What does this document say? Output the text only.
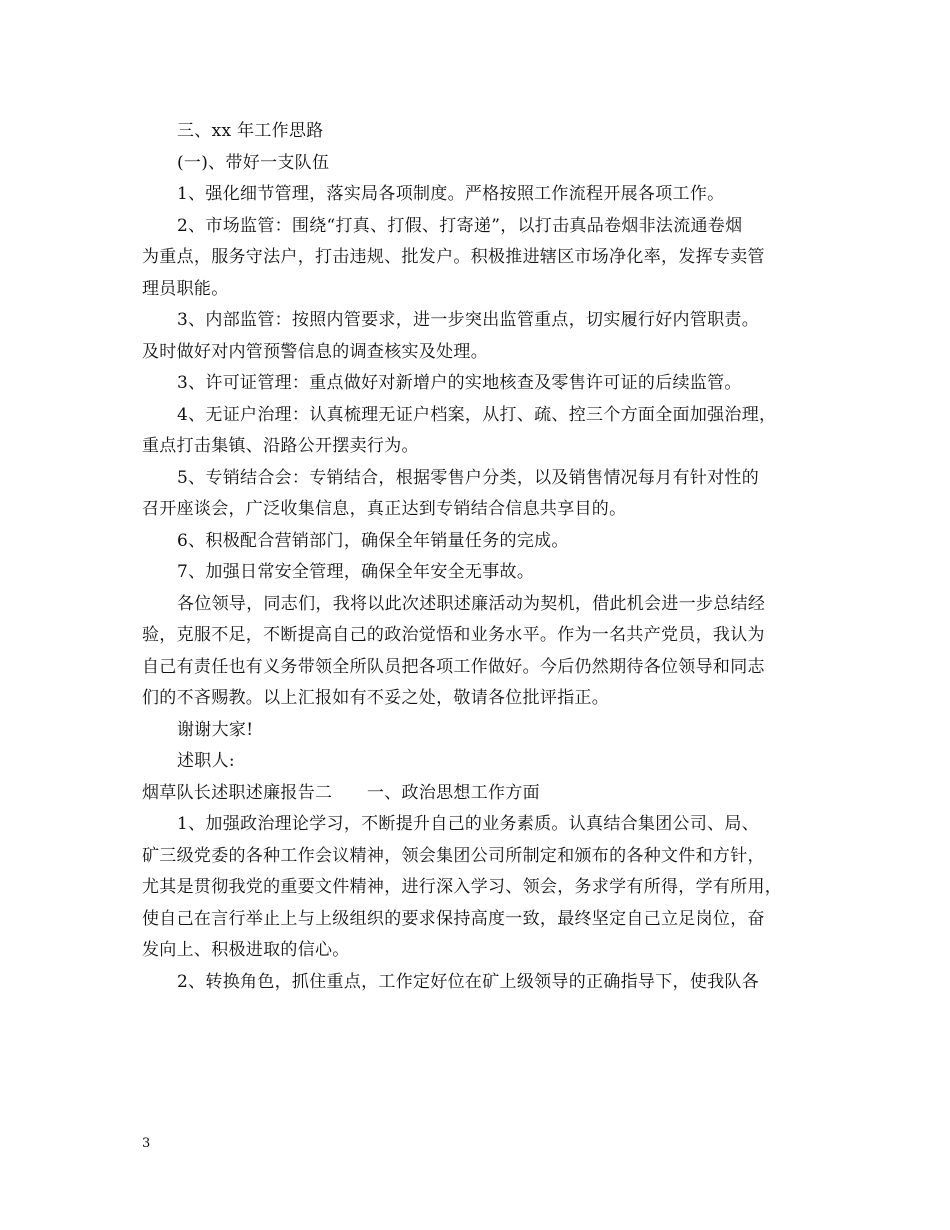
三、xx 年工作思路
(一)、带好一支队伍
1、强化细节管理，落实局各项制度。严格按照工作流程开展各项工作。
2、市场监管：围绕“打真、打假、打寄递”，以打击真品卷烟非法流通卷烟
为重点，服务守法户，打击违规、批发户。积极推进辖区市场净化率，发挥专卖管
理员职能。
3、内部监管：按照内管要求，进一步突出监管重点，切实履行好内管职责。
及时做好对内管预警信息的调查核实及处理。
3、许可证管理：重点做好对新增户的实地核查及零售许可证的后续监管。
4、无证户治理：认真梳理无证户档案，从打、疏、控三个方面全面加强治理，
重点打击集镇、沿路公开摆卖行为。
5、专销结合会：专销结合，根据零售户分类，以及销售情况每月有针对性的
召开座谈会，广泛收集信息，真正达到专销结合信息共享目的。
6、积极配合营销部门，确保全年销量任务的完成。
7、加强日常安全管理，确保全年安全无事故。
各位领导，同志们，我将以此次述职述廉活动为契机，借此机会进一步总结经
验，克服不足，不断提高自己的政治觉悟和业务水平。作为一名共产党员，我认为
自己有责任也有义务带领全所队员把各项工作做好。今后仍然期待各位领导和同志
们的不吝赐教。以上汇报如有不妥之处，敬请各位批评指正。
谢谢大家!
述职人:
烟草队长述职述廉报告二　　一、政治思想工作方面
1、加强政治理论学习，不断提升自己的业务素质。认真结合集团公司、局、
矿三级党委的各种工作会议精神，领会集团公司所制定和颁布的各种文件和方针，
尤其是贯彻我党的重要文件精神，进行深入学习、领会，务求学有所得，学有所用，
使自己在言行举止上与上级组织的要求保持高度一致，最终坚定自己立足岗位，奋
发向上、积极进取的信心。
2、转换角色，抓住重点，工作定好位在矿上级领导的正确指导下，使我队各
3
